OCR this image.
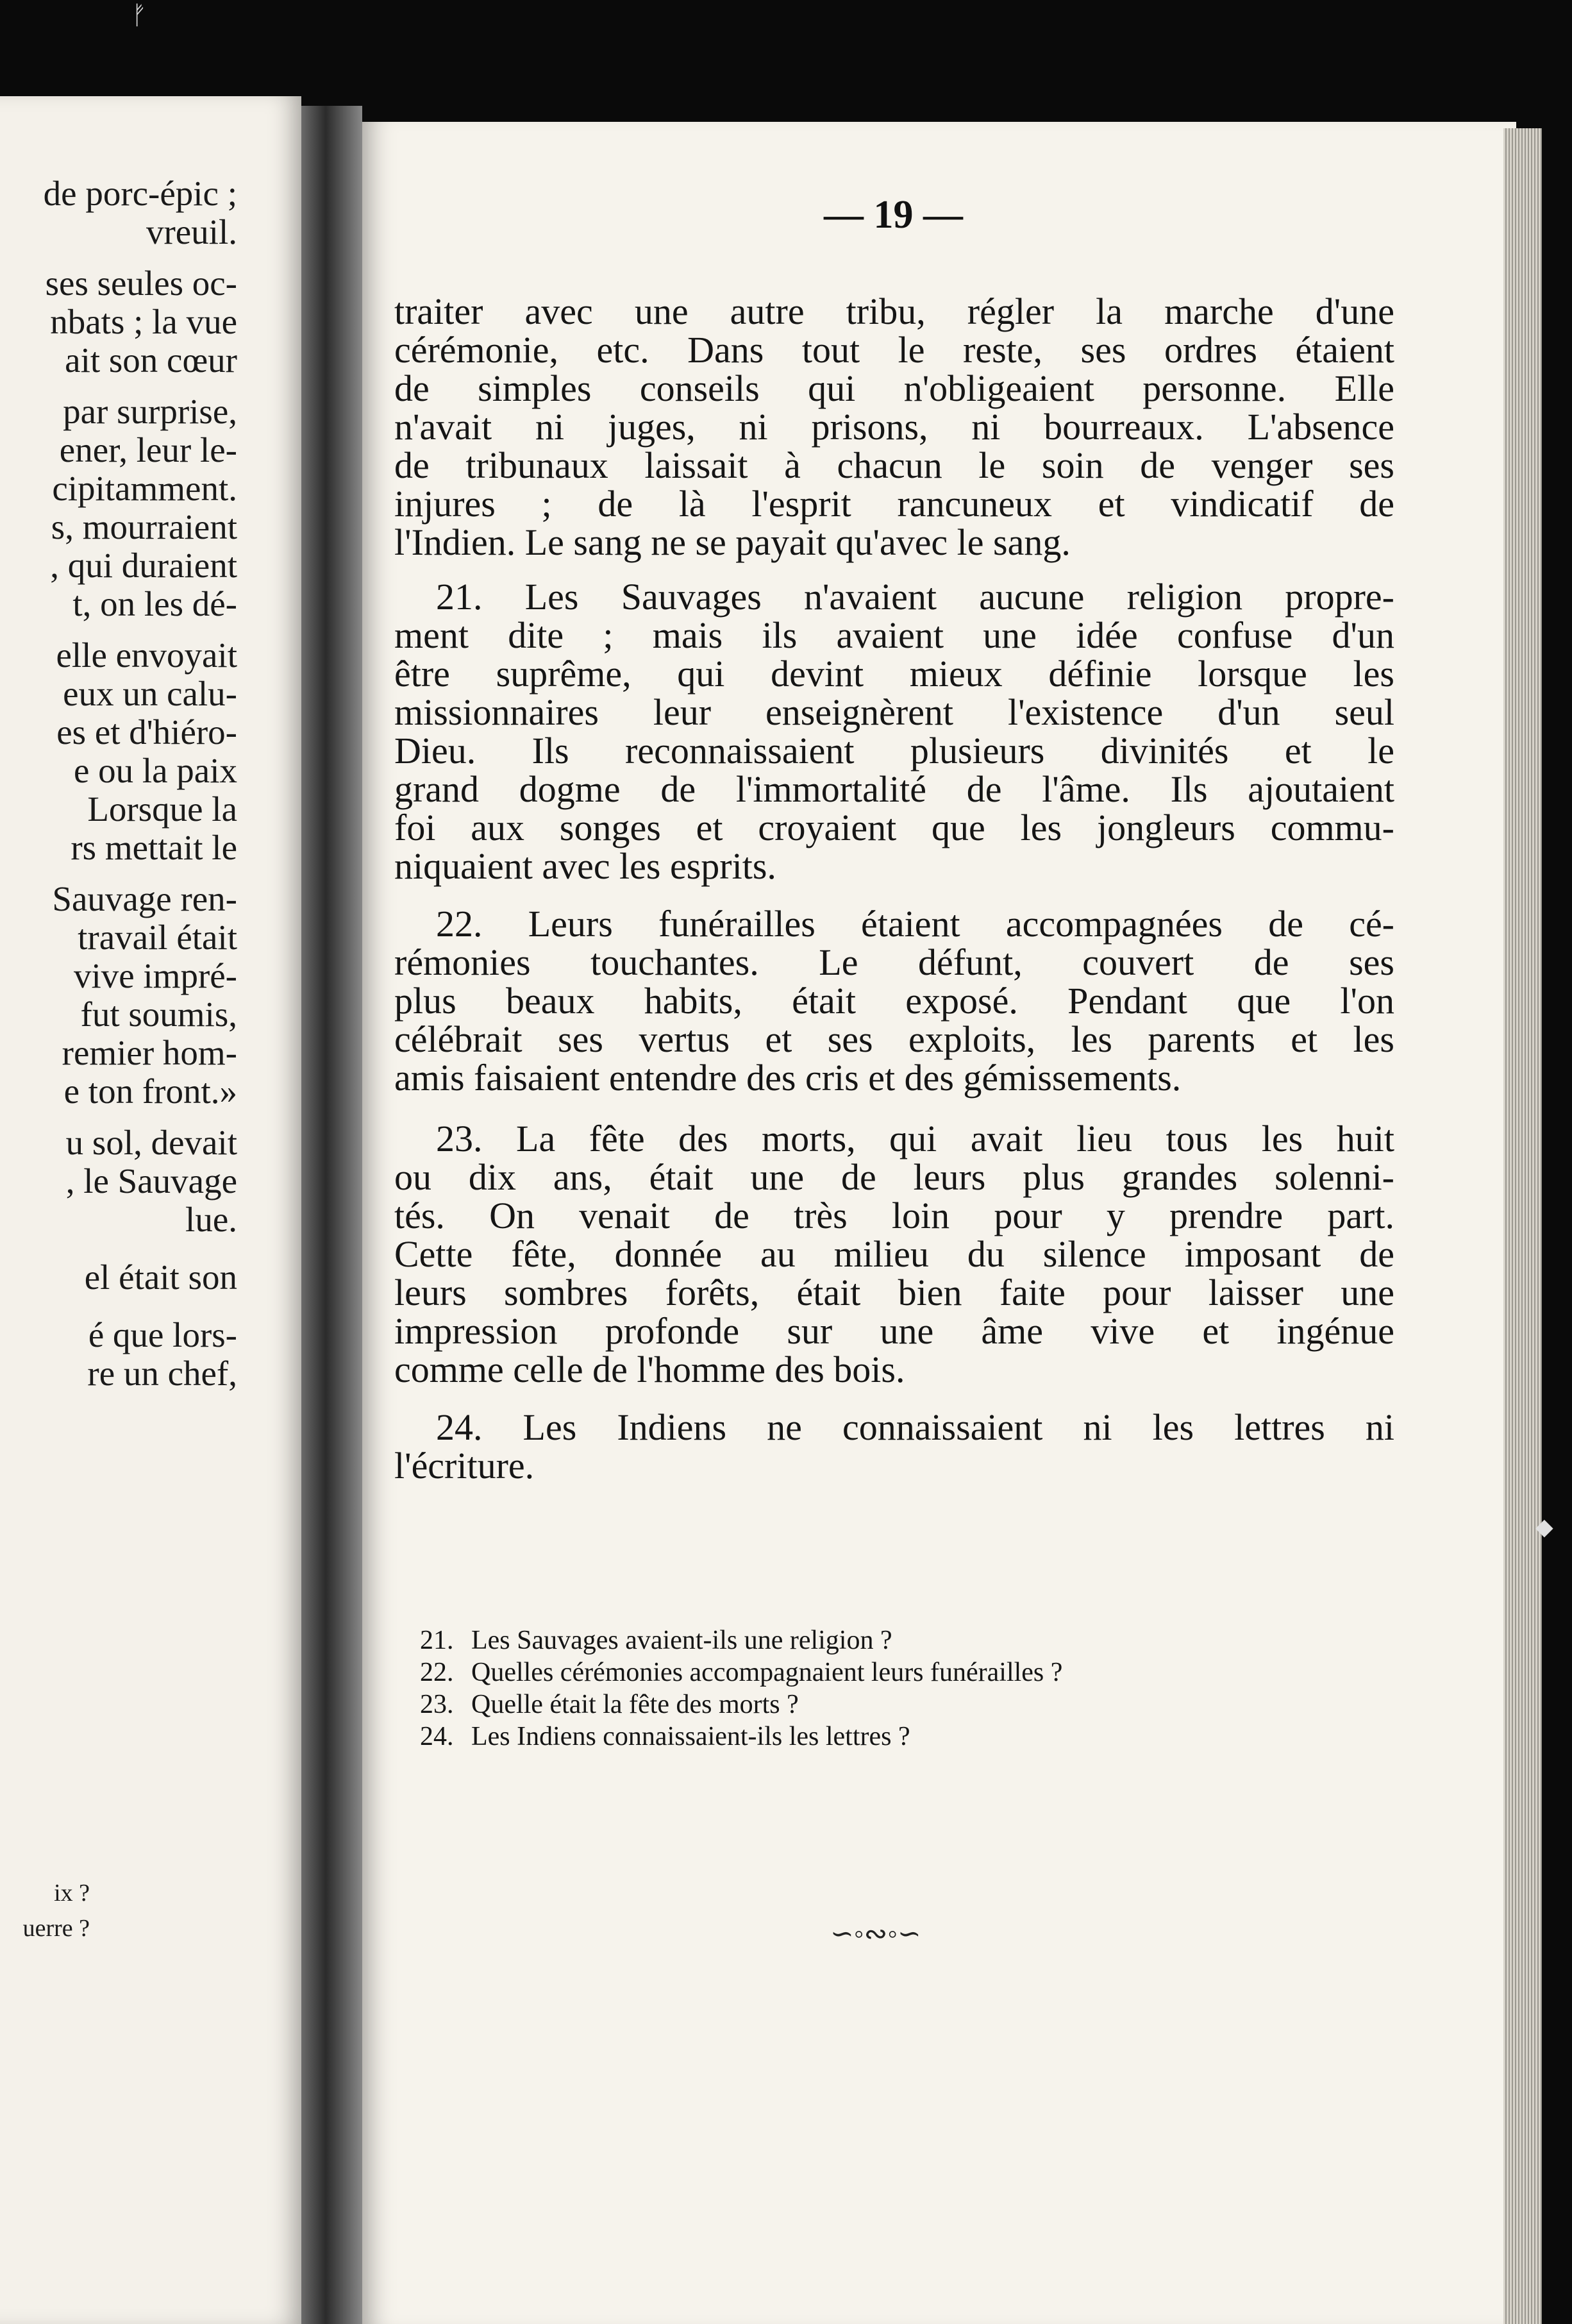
ᚠ
de porc-épic ;
vreuil.
ses seules oc-
nbats ; la vue
ait son cœur
par surprise,
ener, leur le-
cipitamment.
s, mourraient
, qui duraient
t, on les dé-
elle envoyait
eux un calu-
es et d'hiéro-
e ou la paix
Lorsque la
rs mettait le
Sauvage ren-
travail était
vive impré-
fut soumis,
remier hom-
e ton front.»
u sol, devait
, le Sauvage
lue.
el était son
é que lors-
re un chef,
ix ?
uerre ?
— 19 —
traiter avec une autre tribu, régler la marche d'une
cérémonie, etc. Dans tout le reste, ses ordres étaient
de simples conseils qui n'obligeaient personne. Elle
n'avait ni juges, ni prisons, ni bourreaux. L'absence
de tribunaux laissait à chacun le soin de venger ses
injures ; de là l'esprit rancuneux et vindicatif de
l'Indien. Le sang ne se payait qu'avec le sang.
21. Les Sauvages n'avaient aucune religion propre-
ment dite ; mais ils avaient une idée confuse d'un
être suprême, qui devint mieux définie lorsque les
missionnaires leur enseignèrent l'existence d'un seul
Dieu. Ils reconnaissaient plusieurs divinités et le
grand dogme de l'immortalité de l'âme. Ils ajoutaient
foi aux songes et croyaient que les jongleurs commu-
niquaient avec les esprits.
22. Leurs funérailles étaient accompagnées de cé-
rémonies touchantes. Le défunt, couvert de ses
plus beaux habits, était exposé. Pendant que l'on
célébrait ses vertus et ses exploits, les parents et les
amis faisaient entendre des cris et des gémissements.
23. La fête des morts, qui avait lieu tous les huit
ou dix ans, était une de leurs plus grandes solenni-
tés. On venait de très loin pour y prendre part.
Cette fête, donnée au milieu du silence imposant de
leurs sombres forêts, était bien faite pour laisser une
impression profonde sur une âme vive et ingénue
comme celle de l'homme des bois.
24. Les Indiens ne connaissaient ni les lettres ni
l'écriture.
21. Les Sauvages avaient-ils une religion ?
22. Quelles cérémonies accompagnaient leurs funérailles ?
23. Quelle était la fête des morts ?
24. Les Indiens connaissaient-ils les lettres ?
∽◦∾◦∽
◆
